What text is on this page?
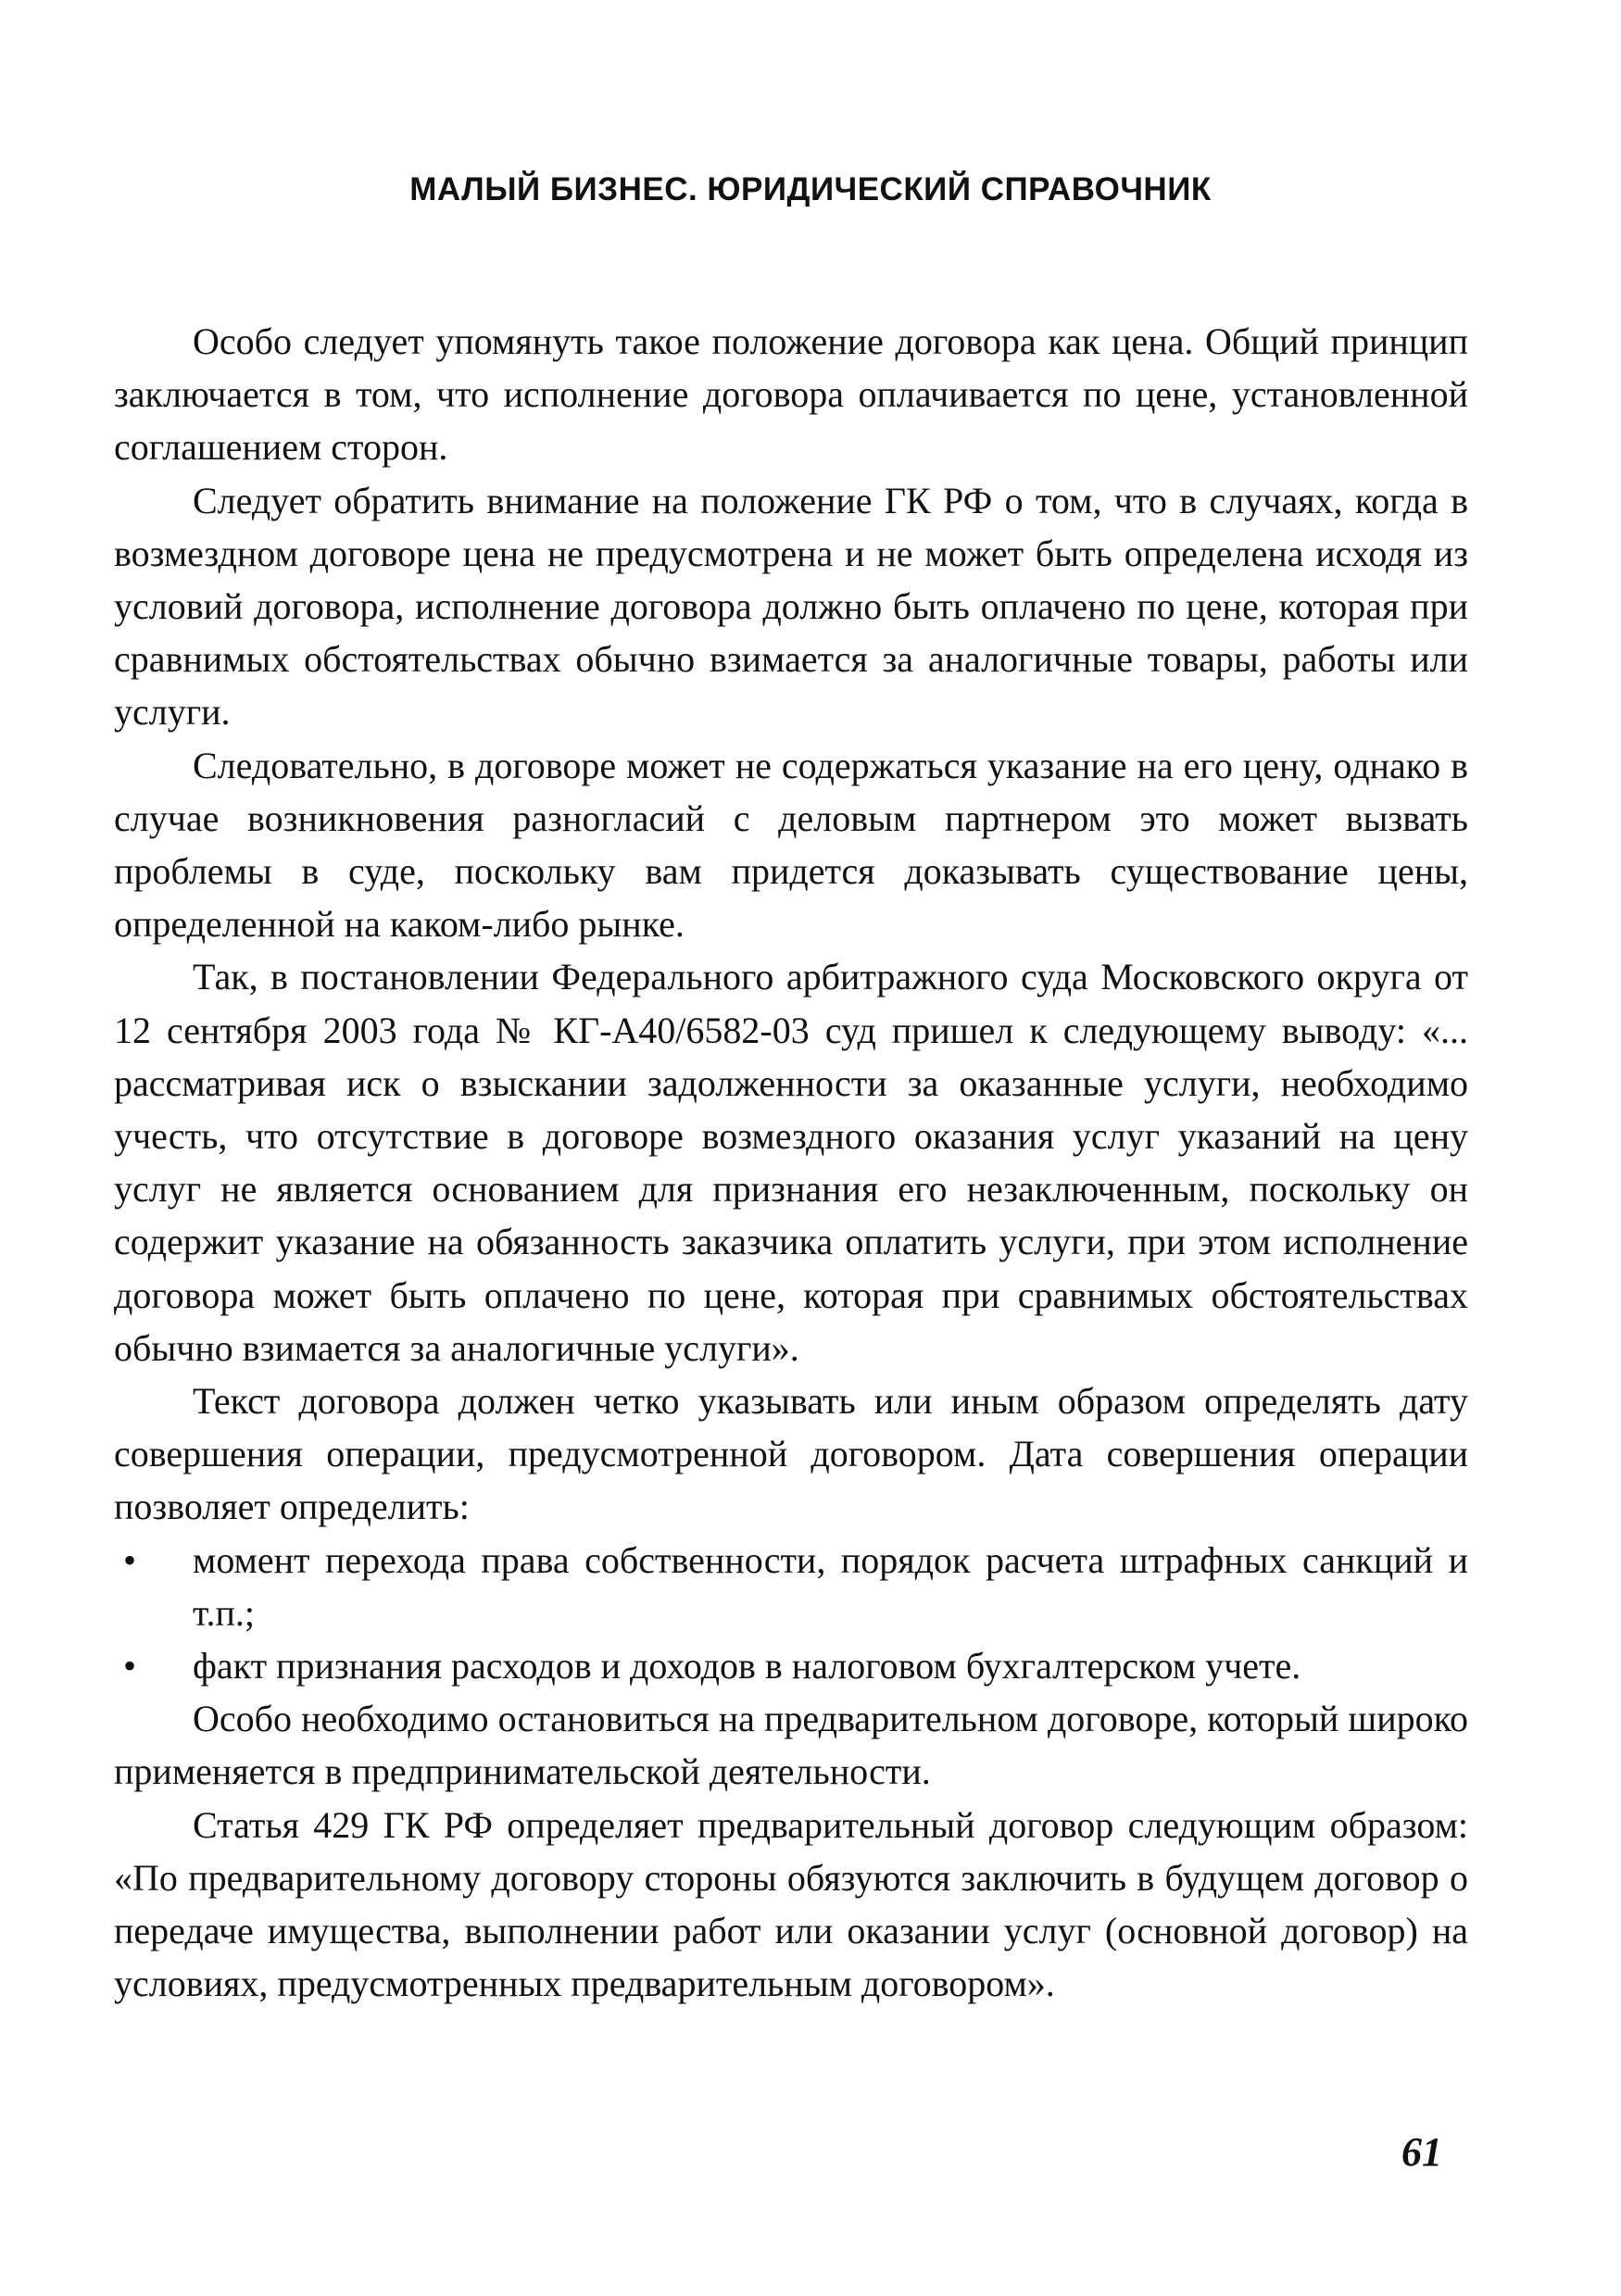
МАЛЫЙ БИЗНЕС. ЮРИДИЧЕСКИЙ СПРАВОЧНИК

Особо следует упомянуть такое положение договора как цена. Общий принцип заключается в том, что исполнение договора оплачивается по цене, установленной соглашением сторон.

Следует обратить внимание на положение ГК РФ о том, что в случаях, когда в возмездном договоре цена не предусмотрена и не может быть определена исходя из условий договора, исполнение договора должно быть оплачено по цене, которая при сравнимых обстоятельствах обычно взимается за аналогичные товары, работы или услуги.

Следовательно, в договоре может не содержаться указание на его цену, однако в случае возникновения разногласий с деловым партнером это может вызвать проблемы в суде, поскольку вам придется доказывать существование цены, определенной на каком-либо рынке.

Так, в постановлении Федерального арбитражного суда Московского округа от 12 сентября 2003 года № КГ-А40/6582-03 суд пришел к следующему выводу: «... рассматривая иск о взыскании задолженности за оказанные услуги, необходимо учесть, что отсутствие в договоре возмездного оказания услуг указаний на цену услуг не является основанием для признания его незаключенным, поскольку он содержит указание на обязанность заказчика оплатить услуги, при этом исполнение договора может быть оплачено по цене, которая при сравнимых обстоятельствах обычно взимается за аналогичные услуги».

Текст договора должен четко указывать или иным образом определять дату совершения операции, предусмотренной договором. Дата совершения операции позволяет определить:

• момент перехода права собственности, порядок расчета штрафных санкций и т.п.;
• факт признания расходов и доходов в налоговом бухгалтерском учете.

Особо необходимо остановиться на предварительном договоре, который широко применяется в предпринимательской деятельности.

Статья 429 ГК РФ определяет предварительный договор следующим образом: «По предварительному договору стороны обязуются заключить в будущем договор о передаче имущества, выполнении работ или оказании услуг (основной договор) на условиях, предусмотренных предварительным договором».

61
